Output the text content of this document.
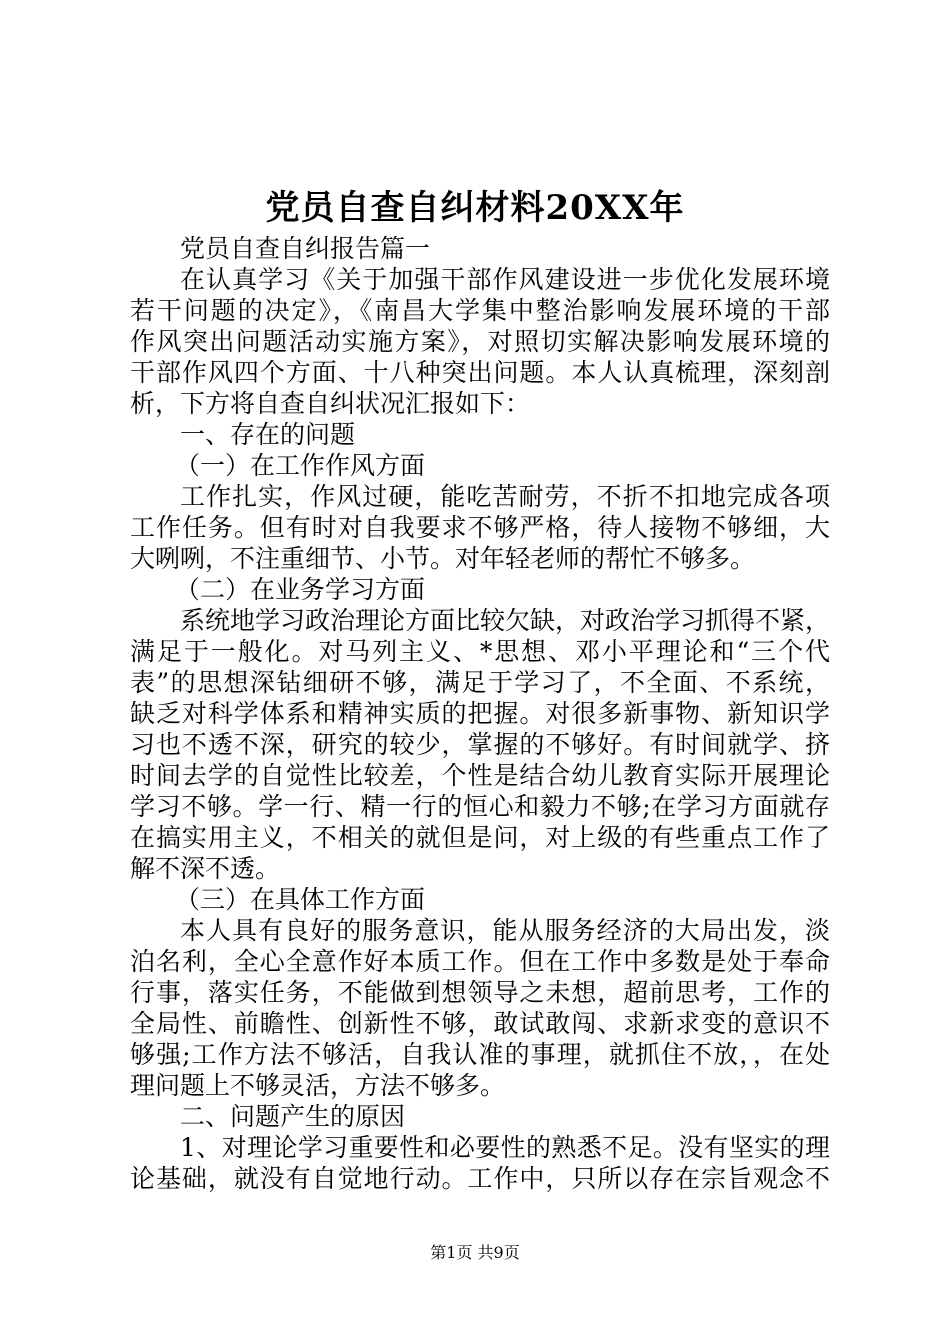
党员自查自纠材料20XX年
党员自查自纠报告篇一
在认真学习《关于加强干部作风建设进一步优化发展环境
若干问题的决定》，《南昌大学集中整治影响发展环境的干部
作风突出问题活动实施方案》，对照切实解决影响发展环境的
干部作风四个方面、十八种突出问题。本人认真梳理，深刻剖
析，下方将自查自纠状况汇报如下：
一、存在的问题
（一）在工作作风方面
工作扎实，作风过硬，能吃苦耐劳，不折不扣地完成各项
工作任务。但有时对自我要求不够严格，待人接物不够细，大
大咧咧，不注重细节、小节。对年轻老师的帮忙不够多。
（二）在业务学习方面
系统地学习政治理论方面比较欠缺，对政治学习抓得不紧，
满足于一般化。对马列主义、*思想、邓小平理论和“三个代
表”的思想深钻细研不够，满足于学习了，不全面、不系统，
缺乏对科学体系和精神实质的把握。对很多新事物、新知识学
习也不透不深，研究的较少，掌握的不够好。有时间就学、挤
时间去学的自觉性比较差，个性是结合幼儿教育实际开展理论
学习不够。学一行、精一行的恒心和毅力不够;在学习方面就存
在搞实用主义，不相关的就但是问，对上级的有些重点工作了
解不深不透。
（三）在具体工作方面
本人具有良好的服务意识，能从服务经济的大局出发，淡
泊名利，全心全意作好本质工作。但在工作中多数是处于奉命
行事，落实任务，不能做到想领导之未想，超前思考，工作的
全局性、前瞻性、创新性不够，敢试敢闯、求新求变的意识不
够强;工作方法不够活，自我认准的事理，就抓住不放，，在处
理问题上不够灵活，方法不够多。
二、问题产生的原因
1、对理论学习重要性和必要性的熟悉不足。没有坚实的理
论基础，就没有自觉地行动。工作中，只所以存在宗旨观念不
第1页 共9页
